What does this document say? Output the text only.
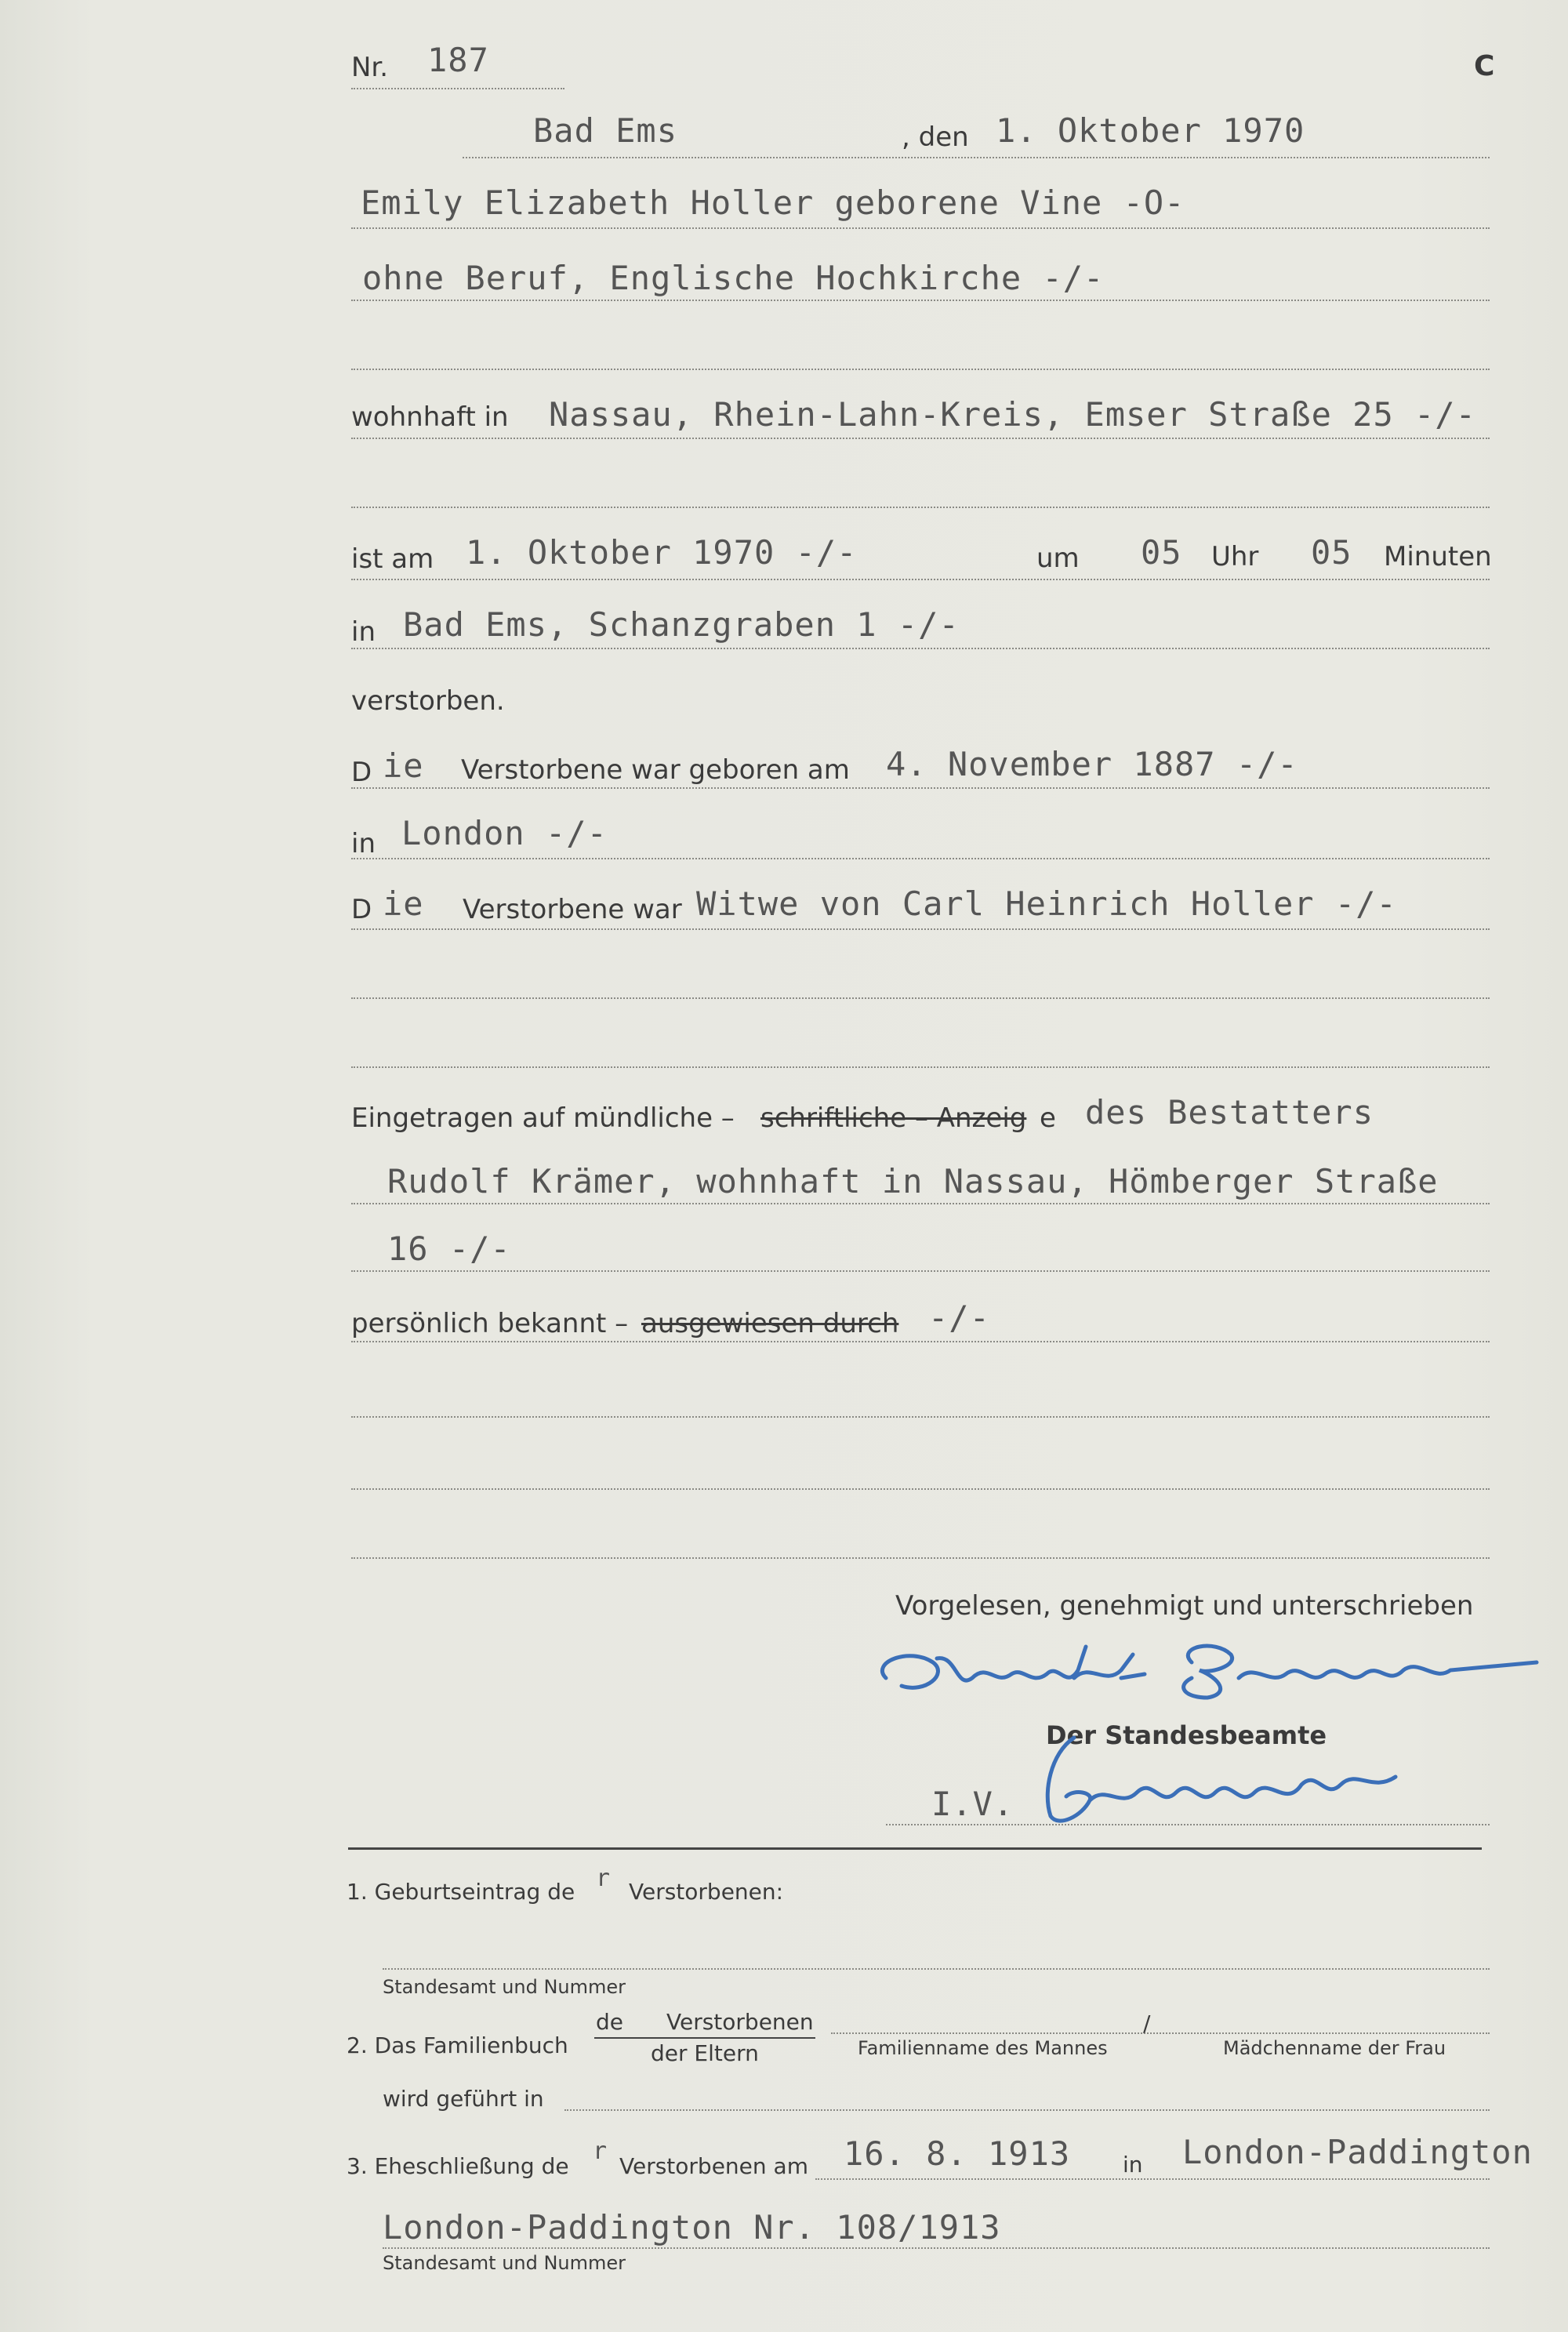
Nr. 187	C
Bad Ems	, den 1. Oktober 1970
Emily Elizabeth Holler geborene Vine -O-
ohne Beruf, Englische Hochkirche -/-
wohnhaft in Nassau, Rhein-Lahn-Kreis, Emser Straße 25 -/-
ist am 1. Oktober 1970 -/-	um 05 Uhr 05 Minuten
in Bad Ems, Schanzgraben 1 -/-
verstorben.
D ie Verstorbene war geboren am 4. November 1887 -/-
in London -/-
D ie Verstorbene war Witwe von Carl Heinrich Holler -/-
Eingetragen auf mündliche – schriftliche – Anzeig e des Bestatters
Rudolf Krämer, wohnhaft in Nassau, Hömberger Straße
16 -/-
persönlich bekannt – ausgewiesen durch -/-
Vorgelesen, genehmigt und unterschrieben
Der Standesbeamte
I.V.
1. Geburtseintrag de r Verstorbenen:
Standesamt und Nummer
2. Das Familienbuch
de Verstorbenen
der Eltern	Familienname des Mannes
/
Mädchenname der Frau
wird geführt in
3. Eheschließung de
r
Verstorbenen am 16. 8. 1913 in London-Paddington
London-Paddington Nr. 108/1913
Standesamt und Nummer
